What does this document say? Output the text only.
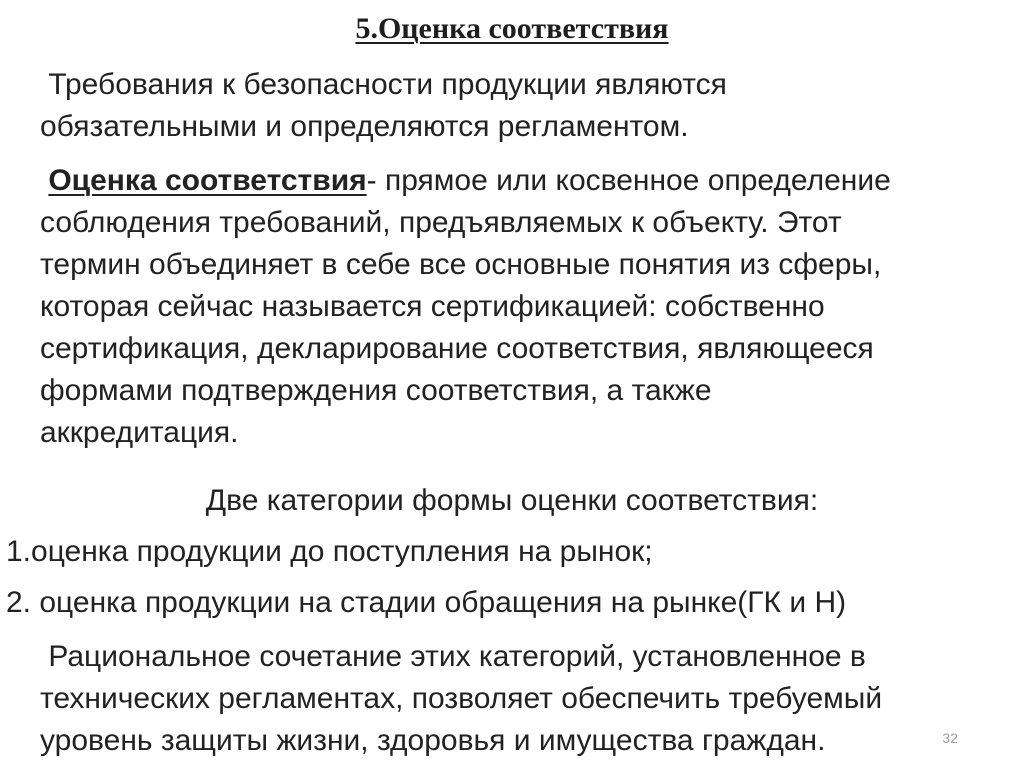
5.Оценка соответствия
Требования к безопасности продукции являются
обязательными и определяются регламентом.
Оценка соответствия- прямое или косвенное определение
соблюдения требований, предъявляемых к объекту. Этот
термин объединяет в себе все основные понятия из сферы,
которая сейчас называется сертификацией: собственно
сертификация, декларирование соответствия, являющееся
формами подтверждения соответствия, а также
аккредитация.
Две категории формы оценки соответствия:
1.оценка продукции до поступления на рынок;
2. оценка продукции на стадии обращения на рынке(ГК и Н)
Рациональное сочетание этих категорий, установленное в
технических регламентах, позволяет обеспечить требуемый
уровень защиты жизни, здоровья и имущества граждан.	32
